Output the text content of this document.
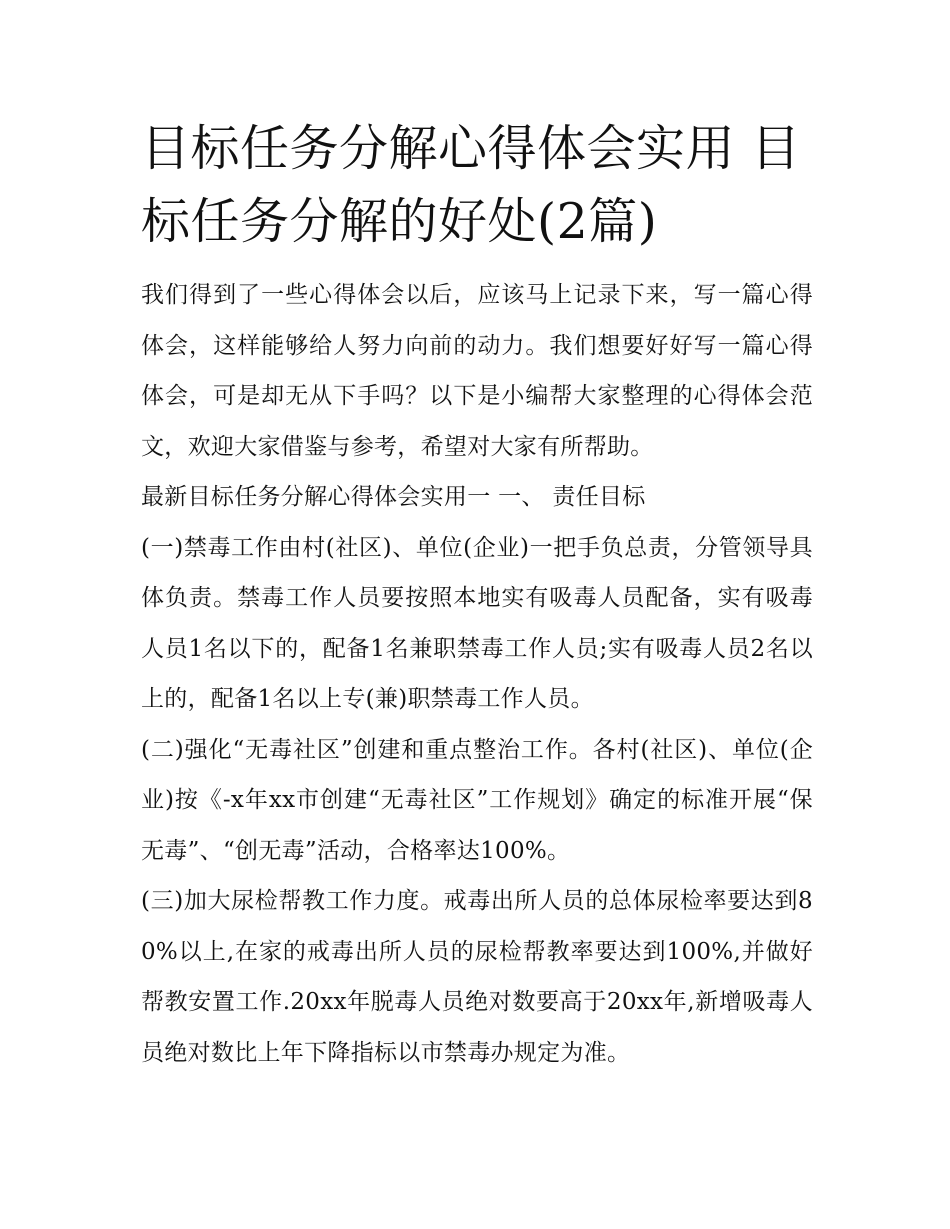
目标任务分解心得体会实用 目标任务分解的好处(2篇)

我们得到了一些心得体会以后，应该马上记录下来，写一篇心得体会，这样能够给人努力向前的动力。我们想要好好写一篇心得体会，可是却无从下手吗？以下是小编帮大家整理的心得体会范文，欢迎大家借鉴与参考，希望对大家有所帮助。

最新目标任务分解心得体会实用一 一、 责任目标

(一)禁毒工作由村(社区)、单位(企业)一把手负总责，分管领导具体负责。禁毒工作人员要按照本地实有吸毒人员配备，实有吸毒人员1名以下的，配备1名兼职禁毒工作人员;实有吸毒人员2名以上的，配备1名以上专(兼)职禁毒工作人员。

(二)强化“无毒社区”创建和重点整治工作。各村(社区)、单位(企业)按《-x年xx市创建“无毒社区”工作规划》确定的标准开展“保无毒”、“创无毒”活动，合格率达100%。

(三)加大尿检帮教工作力度。戒毒出所人员的总体尿检率要达到80%以上,在家的戒毒出所人员的尿检帮教率要达到100%,并做好帮教安置工作.20xx年脱毒人员绝对数要高于20xx年,新增吸毒人员绝对数比上年下降指标以市禁毒办规定为准。
